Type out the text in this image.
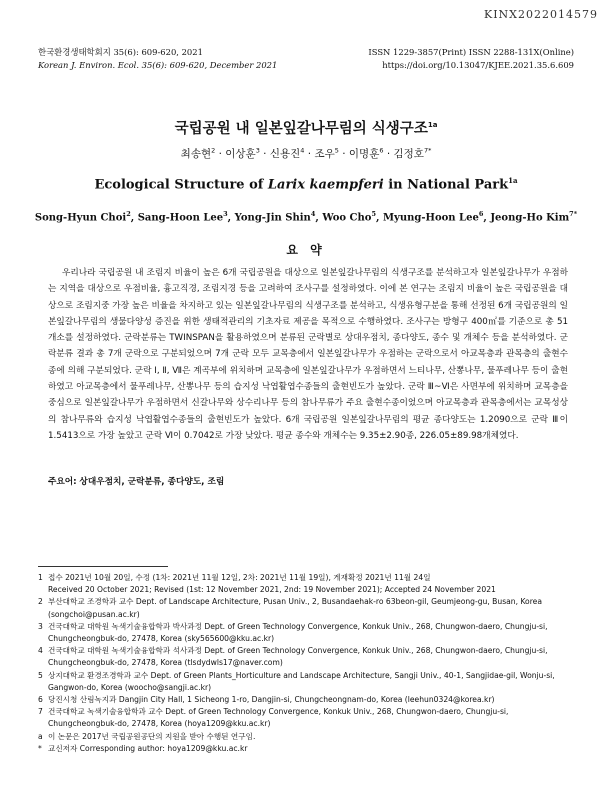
KINX2022014579
한국환경생태학회지 35(6): 609-620, 2021
Korean J. Environ. Ecol. 35(6): 609-620, December 2021
ISSN 1229-3857(Print) ISSN 2288-131X(Online)
https://doi.org/10.13047/KJEE.2021.35.6.609
국립공원 내 일본잎갈나무림의 식생구조$^{1a}$
최송현$^2$ · 이상훈$^3$ · 신용진$^4$ · 조우$^5$ · 이명훈$^6$ · 김정호$^{7*}$
Ecological Structure of Larix kaempferi in National Park$^{1a}$
Song-Hyun Choi$^2$, Sang-Hoon Lee$^3$, Yong-Jin Shin$^4$, Woo Cho$^5$, Myung-Hoon Lee$^6$, Jeong-Ho Kim$^{7*}$
요 약

우리나라 국립공원 내 조림지 비율이 높은 6개 국립공원을 대상으로 일본잎갈나무림의 식생구조를 분석하고자 일본잎갈나무가 우점하는 지역을 대상으로 우점비율, 흉고직경, 조림지경 등을 고려하여 조사구를 설정하였다. 이에 본 연구는 조림지 비율이 높은 국립공원을 대상으로 조림지중 가장 높은 비율을 차지하고 있는 일본잎갈나무림의 식생구조를 분석하고, 식생유형구분을 통해 선정된 6개 국립공원의 일본잎갈나무림의 생물다양성 증진을 위한 생태적관리의 기초자료 제공을 목적으로 수행하였다. 조사구는 방형구 400㎡를 기준으로 총 51개소를 설정하였다. 군락분류는 TWINSPAN을 활용하였으며 분류된 군락별로 상대우점치, 종다양도, 종수 및 개체수 등을 분석하였다. 군락분류 결과 총 7개 군락으로 구분되었으며 7개 군락 모두 교목층에서 일본잎갈나무가 우점하는 군락으로서 아교목층과 관목층의 출현수종에 의해 구분되었다. 군락 Ⅰ, Ⅱ, Ⅶ은 계곡부에 위치하며 교목층에 일본잎갈나무가 우점하면서 느티나무, 산뽕나무, 물푸레나무 등이 출현하였고 아교목층에서 물푸레나무, 산뽕나무 등의 습지성 낙엽활엽수종들의 출현빈도가 높았다. 군락 Ⅲ~Ⅵ은 사면부에 위치하며 교목층을 중심으로 일본잎갈나무가 우점하면서 신갈나무와 상수리나무 등의 참나무류가 주요 출현수종이었으며 아교목층과 관목층에서는 교목성상의 참나무류와 습지성 낙엽활엽수종들의 출현빈도가 높았다. 6개 국립공원 일본잎갈나무림의 평균 종다양도는 1.2090으로 군락 Ⅲ이 1.5413으로 가장 높았고 군락 Ⅵ이 0.7042로 가장 낮았다. 평균 종수와 개체수는 9.35±2.90종, 226.05±89.98개체였다.

주요어: 상대우점치, 군락분류, 종다양도, 조림
1 접수 2021년 10월 20일, 수정 (1차: 2021년 11월 12일, 2차: 2021년 11월 19일), 게재확정 2021년 11월 24일
Received 20 October 2021; Revised (1st: 12 November 2021, 2nd: 19 November 2021); Accepted 24 November 2021
2 부산대학교 조경학과 교수 Dept. of Landscape Architecture, Pusan Univ., 2, Busandaehak-ro 63beon-gil, Geumjeong-gu, Busan, Korea (songchoi@pusan.ac.kr)
3 건국대학교 대학원 녹색기술융합학과 박사과정 Dept. of Green Technology Convergence, Konkuk Univ., 268, Chungwon-daero, Chungju-si, Chungcheongbuk-do, 27478, Korea (sky565600@kku.ac.kr)
4 건국대학교 대학원 녹색기술융합학과 석사과정 Dept. of Green Technology Convergence, Konkuk Univ., 268, Chungwon-daero, Chungju-si, Chungcheongbuk-do, 27478, Korea (tlsdydwls17@naver.com)
5 상지대학교 환경조경학과 교수 Dept. of Green Plants_Horticulture and Landscape Architecture, Sangji Univ., 40-1, Sangjidae-gil, Wonju-si, Gangwon-do, Korea (woocho@sangji.ac.kr)
6 당진시청 산림녹지과 Dangjin City Hall, 1 Sicheong 1-ro, Dangjin-si, Chungcheongnam-do, Korea (leehun0324@korea.kr)
7 건국대학교 녹색기술융합학과 교수 Dept. of Green Technology Convergence, Konkuk Univ., 268, Chungwon-daero, Chungju-si, Chungcheongbuk-do, 27478, Korea (hoya1209@kku.ac.kr)
a 이 논문은 2017년 국립공원공단의 지원을 받아 수행된 연구임.
* 교신저자 Corresponding author: hoya1209@kku.ac.kr
